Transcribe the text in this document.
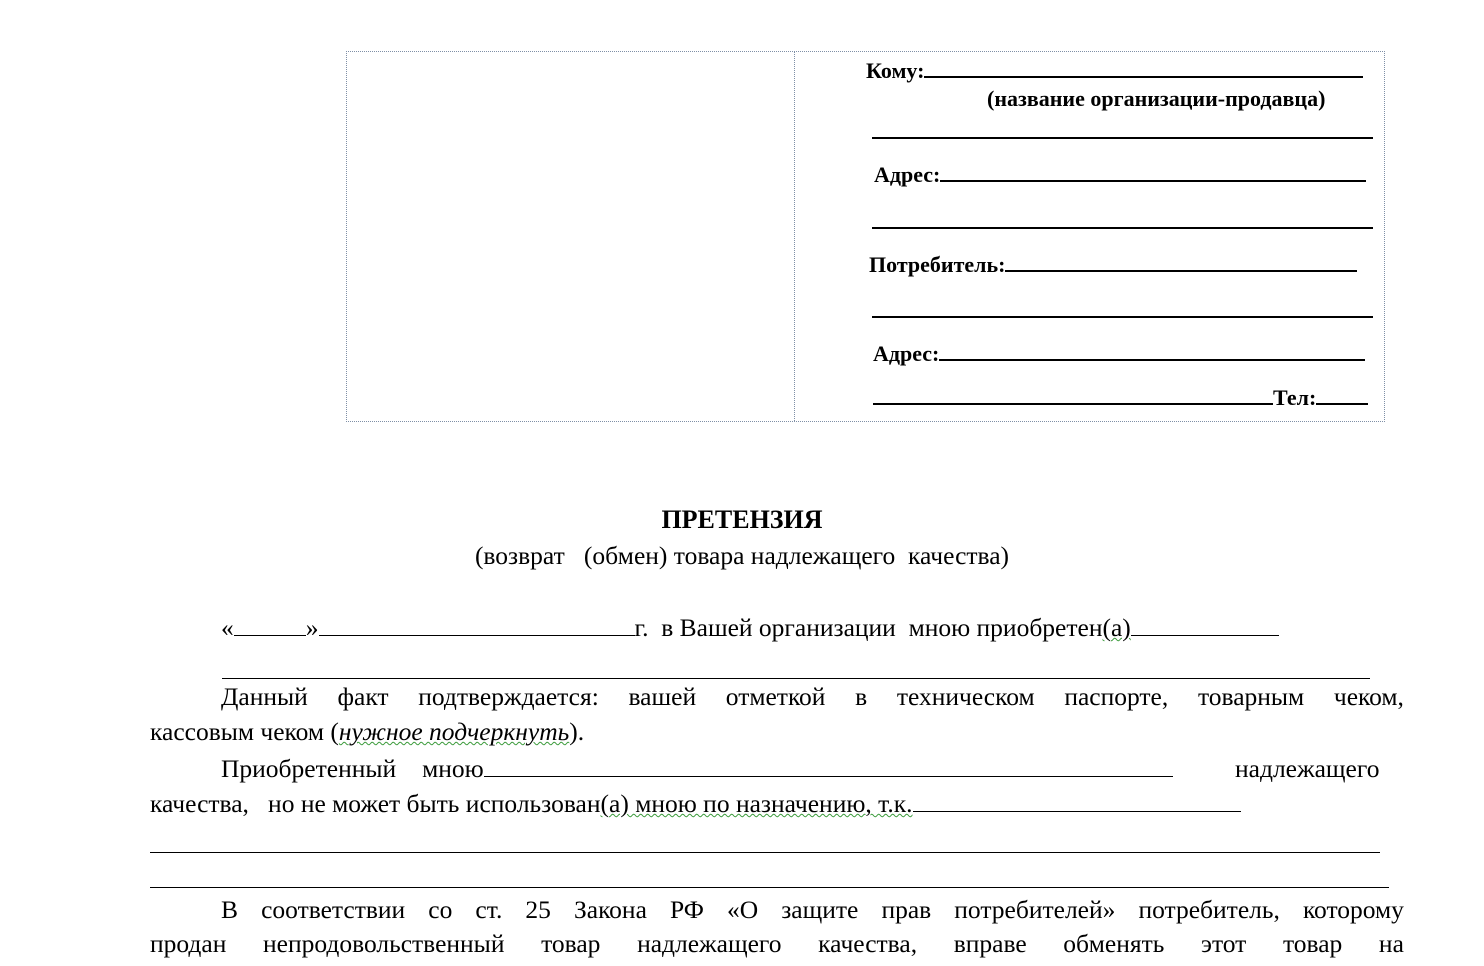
Кому:
(название организации-продавца)
Адрес:
Потребитель:
Адрес:
Тел:
ПРЕТЕНЗИЯ
(возврат   (обмен) товара надлежащего  качества)
«	»	г.  в Вашей организации  мною приобретен(а)
Данный факт подтверждается: вашей отметкой в техническом паспорте, товарным чеком,
кассовым чеком (нужное подчеркнуть).
Приобретенный мною	надлежащего
качества,   но не может быть использован(а) мною по назначению, т.к.
В соответствии со ст. 25 Закона РФ «О защите прав потребителей» потребитель, которому
продан непродовольственный товар надлежащего качества, вправе обменять этот товар на
